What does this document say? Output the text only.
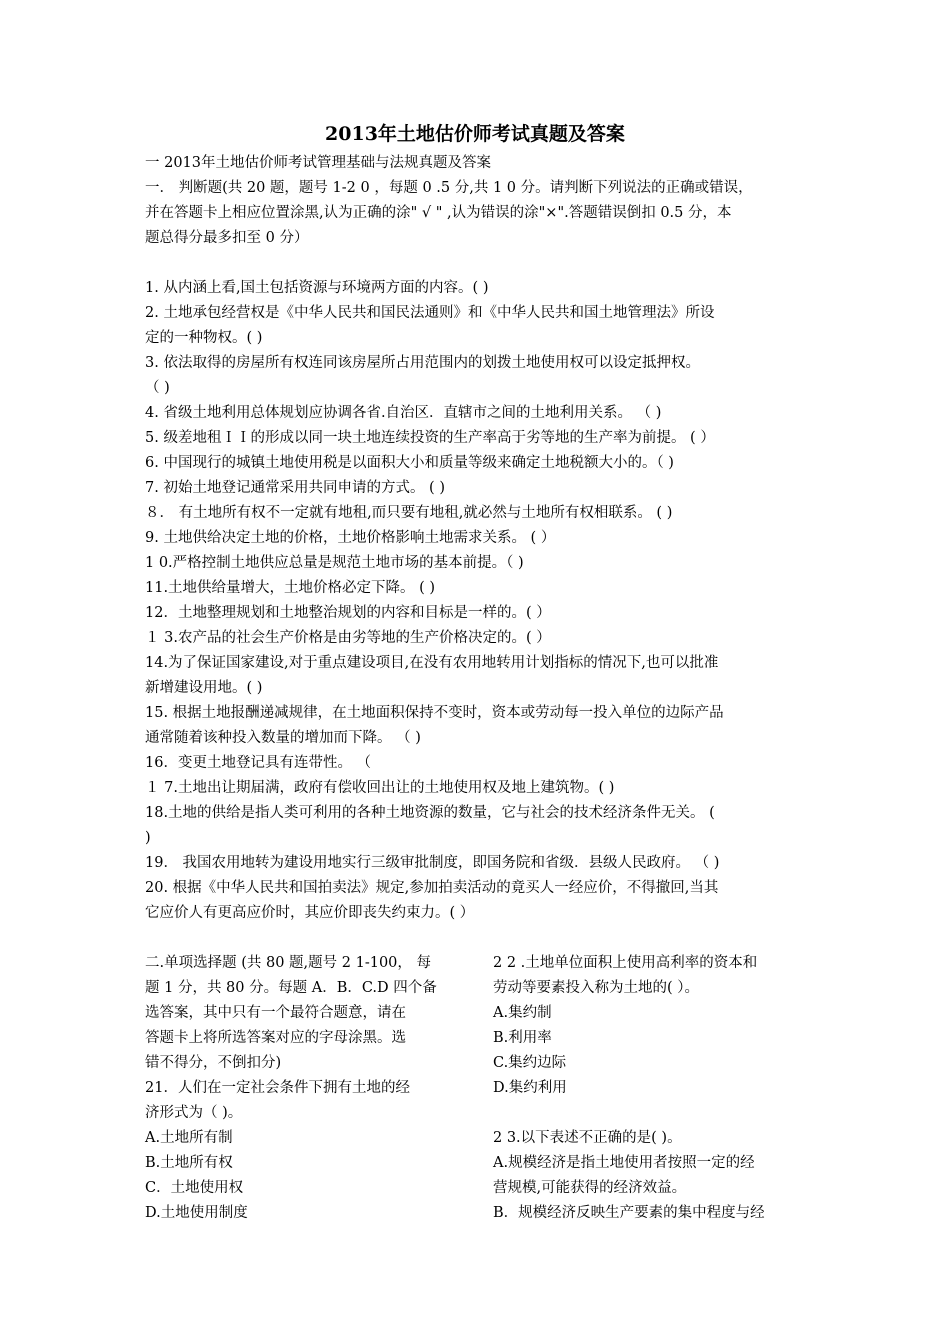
2013年土地估价师考试真题及答案
一 2013年土地估价师考试管理基础与法规真题及答案
一． 判断题(共 20 题，题号 1-2 0 ，每题 0 .5 分,共 1 0 分。请判断下列说法的正确或错误，
并在答题卡上相应位置涂黑,认为正确的涂" √ " ,认为错误的涂"×".答题错误倒扣 0.5 分，本
题总得分最多扣至 0 分）
1. 从内涵上看,国土包括资源与环境两方面的内容。( )
2. 土地承包经营权是《中华人民共和国民法通则》和《中华人民共和国土地管理法》所设
定的一种物权。( )
3. 依法取得的房屋所有权连同该房屋所占用范围内的划拨土地使用权可以设定抵押权。
（ )
4. 省级土地利用总体规划应协调各省.自治区．直辖市之间的土地利用关系。 （ )
5. 级差地租ＩＩ的形成以同一块土地连续投资的生产率高于劣等地的生产率为前提。 ( ）
6. 中国现行的城镇土地使用税是以面积大小和质量等级来确定土地税额大小的。（ )
7. 初始土地登记通常采用共同申请的方式。 ( )
８． 有土地所有权不一定就有地租,而只要有地租,就必然与土地所有权相联系。 ( )
9. 土地供给决定土地的价格，土地价格影响土地需求关系。 ( ）
1 0.严格控制土地供应总量是规范土地市场的基本前提。（ )
11.土地供给量增大，土地价格必定下降。 ( )
12．土地整理规划和土地整治规划的内容和目标是一样的。( ）
１ 3.农产品的社会生产价格是由劣等地的生产价格决定的。( ）
14.为了保证国家建设,对于重点建设项目,在没有农用地转用计划指标的情况下,也可以批准
新增建设用地。( )
15. 根据土地报酬递减规律，在土地面积保持不变时，资本或劳动每一投入单位的边际产品
通常随着该种投入数量的增加而下降。 （ )
16．变更土地登记具有连带性。 （
１ 7.土地出让期届满，政府有偿收回出让的土地使用权及地上建筑物。( )
18.土地的供给是指人类可利用的各种土地资源的数量，它与社会的技术经济条件无关。 (
)
19． 我国农用地转为建设用地实行三级审批制度，即国务院和省级．县级人民政府。 （ )
20. 根据《中华人民共和国拍卖法》规定,参加拍卖活动的竟买人一经应价，不得撤回,当其
它应价人有更高应价时，其应价即丧失约束力。( ）
二.单项选择题 (共 80 题,题号 2 1-100， 每
题 1 分，共 80 分。每题 A．B．C.D 四个备
选答案，其中只有一个最符合题意，请在
答题卡上将所选答案对应的字母涂黑。选
错不得分，不倒扣分)
21．人们在一定社会条件下拥有土地的经
济形式为（ )。
A.土地所有制
B.土地所有权
C．土地使用权
D.土地使用制度
2 2 .土地单位面积上使用高利率的资本和
劳动等要素投入称为土地的( ）。
A.集约制
B.利用率
C.集约边际
D.集约利用
2 3.以下表述不正确的是( )。
A.规模经济是指土地使用者按照一定的经
营规模,可能获得的经济效益。
B．规模经济反映生产要素的集中程度与经
